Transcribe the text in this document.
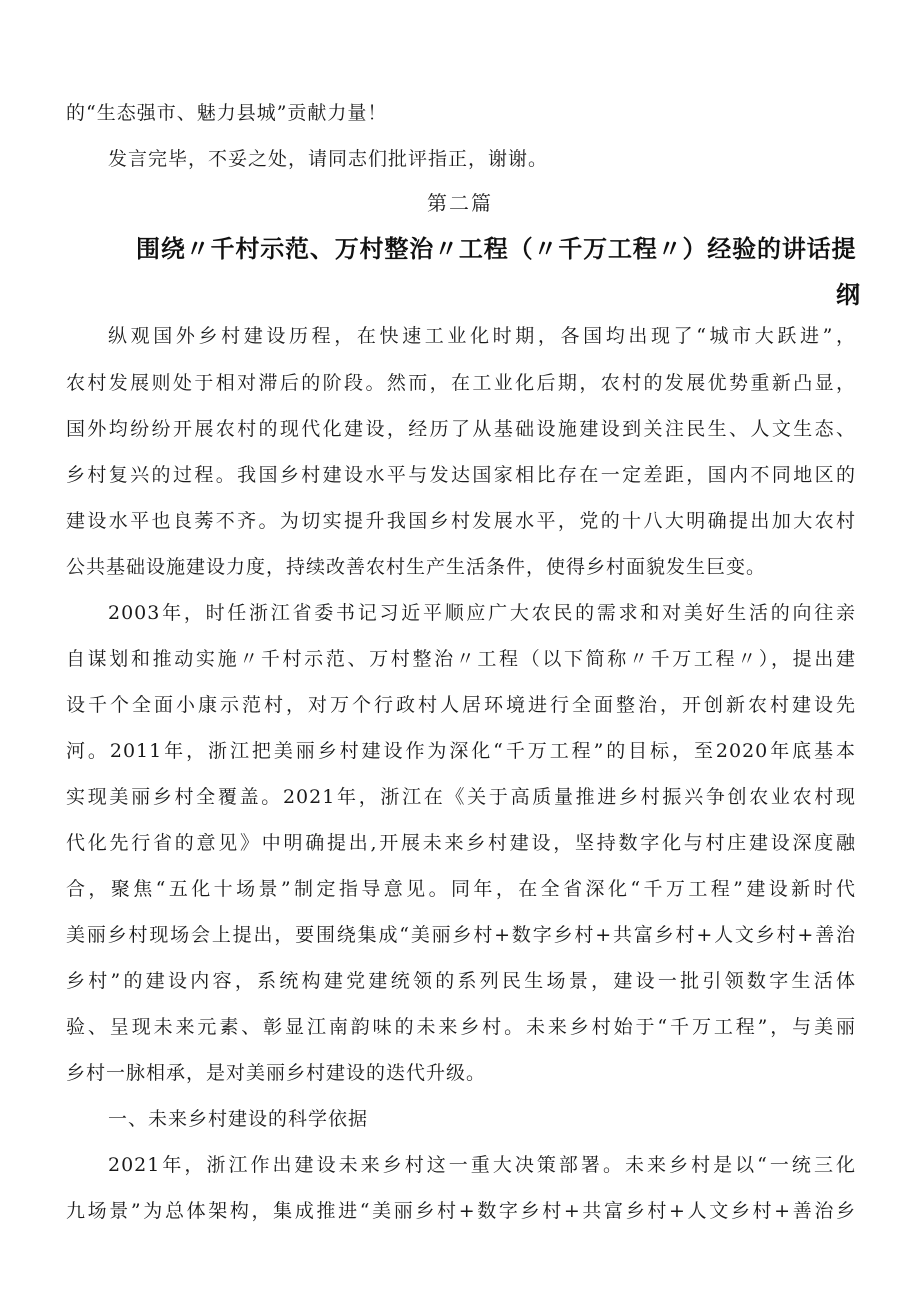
的“生态强市、魅力县城”贡献力量！
发言完毕，不妥之处，请同志们批评指正，谢谢。
第二篇
围绕〃千村示范、万村整治〃工程（〃千万工程〃）经验的讲话提
纲
纵观国外乡村建设历程，在快速工业化时期，各国均出现了“城市大跃进”，
农村发展则处于相对滞后的阶段。然而，在工业化后期，农村的发展优势重新凸显，
国外均纷纷开展农村的现代化建设，经历了从基础设施建设到关注民生、人文生态、
乡村复兴的过程。我国乡村建设水平与发达国家相比存在一定差距，国内不同地区的
建设水平也良莠不齐。为切实提升我国乡村发展水平，党的十八大明确提出加大农村
公共基础设施建设力度，持续改善农村生产生活条件，使得乡村面貌发生巨变。
2003年，时任浙江省委书记习近平顺应广大农民的需求和对美好生活的向往亲
自谋划和推动实施〃千村示范、万村整治〃工程（以下简称〃千万工程〃），提出建
设千个全面小康示范村，对万个行政村人居环境进行全面整治，开创新农村建设先
河。2011年，浙江把美丽乡村建设作为深化“千万工程”的目标，至2020年底基本
实现美丽乡村全覆盖。2021年，浙江在《关于高质量推进乡村振兴争创农业农村现
代化先行省的意见》中明确提出,开展未来乡村建设，坚持数字化与村庄建设深度融
合，聚焦“五化十场景”制定指导意见。同年，在全省深化“千万工程”建设新时代
美丽乡村现场会上提出，要围绕集成“美丽乡村+数字乡村+共富乡村+人文乡村+善治
乡村”的建设内容，系统构建党建统领的系列民生场景，建设一批引领数字生活体
验、呈现未来元素、彰显江南韵味的未来乡村。未来乡村始于“千万工程”，与美丽
乡村一脉相承，是对美丽乡村建设的迭代升级。
一、未来乡村建设的科学依据
2021年，浙江作出建设未来乡村这一重大决策部署。未来乡村是以“一统三化
九场景”为总体架构，集成推进“美丽乡村+数字乡村+共富乡村+人文乡村+善治乡
